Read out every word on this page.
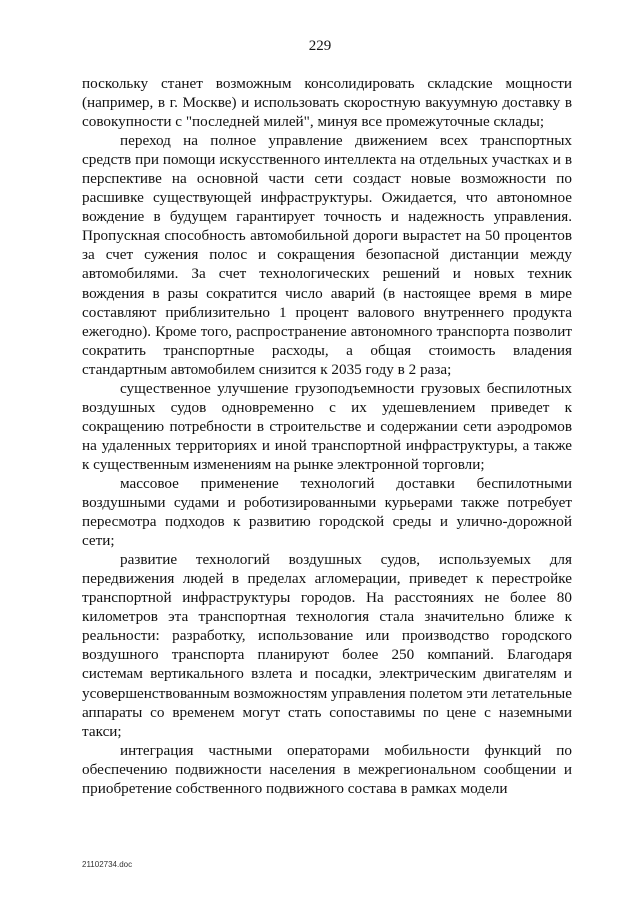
229

поскольку станет возможным консолидировать складские мощности (например, в г. Москве) и использовать скоростную вакуумную доставку в совокупности с "последней милей", минуя все промежуточные склады;

переход на полное управление движением всех транспортных средств при помощи искусственного интеллекта на отдельных участках и в перспективе на основной части сети создаст новые возможности по расшивке существующей инфраструктуры. Ожидается, что автономное вождение в будущем гарантирует точность и надежность управления. Пропускная способность автомобильной дороги вырастет на 50 процентов за счет сужения полос и сокращения безопасной дистанции между автомобилями. За счет технологических решений и новых техник вождения в разы сократится число аварий (в настоящее время в мире составляют приблизительно 1 процент валового внутреннего продукта ежегодно). Кроме того, распространение автономного транспорта позволит сократить транспортные расходы, а общая стоимость владения стандартным автомобилем снизится к 2035 году в 2 раза;

существенное улучшение грузоподъемности грузовых беспилотных воздушных судов одновременно с их удешевлением приведет к сокращению потребности в строительстве и содержании сети аэродромов на удаленных территориях и иной транспортной инфраструктуры, а также к существенным изменениям на рынке электронной торговли;

массовое применение технологий доставки беспилотными воздушными судами и роботизированными курьерами также потребует пересмотра подходов к развитию городской среды и улично-дорожной сети;

развитие технологий воздушных судов, используемых для передвижения людей в пределах агломерации, приведет к перестройке транспортной инфраструктуры городов. На расстояниях не более 80 километров эта транспортная технология стала значительно ближе к реальности: разработку, использование или производство городского воздушного транспорта планируют более 250 компаний. Благодаря системам вертикального взлета и посадки, электрическим двигателям и усовершенствованным возможностям управления полетом эти летательные аппараты со временем могут стать сопоставимы по цене с наземными такси;

интеграция частными операторами мобильности функций по обеспечению подвижности населения в межрегиональном сообщении и приобретение собственного подвижного состава в рамках модели

21102734.doc
